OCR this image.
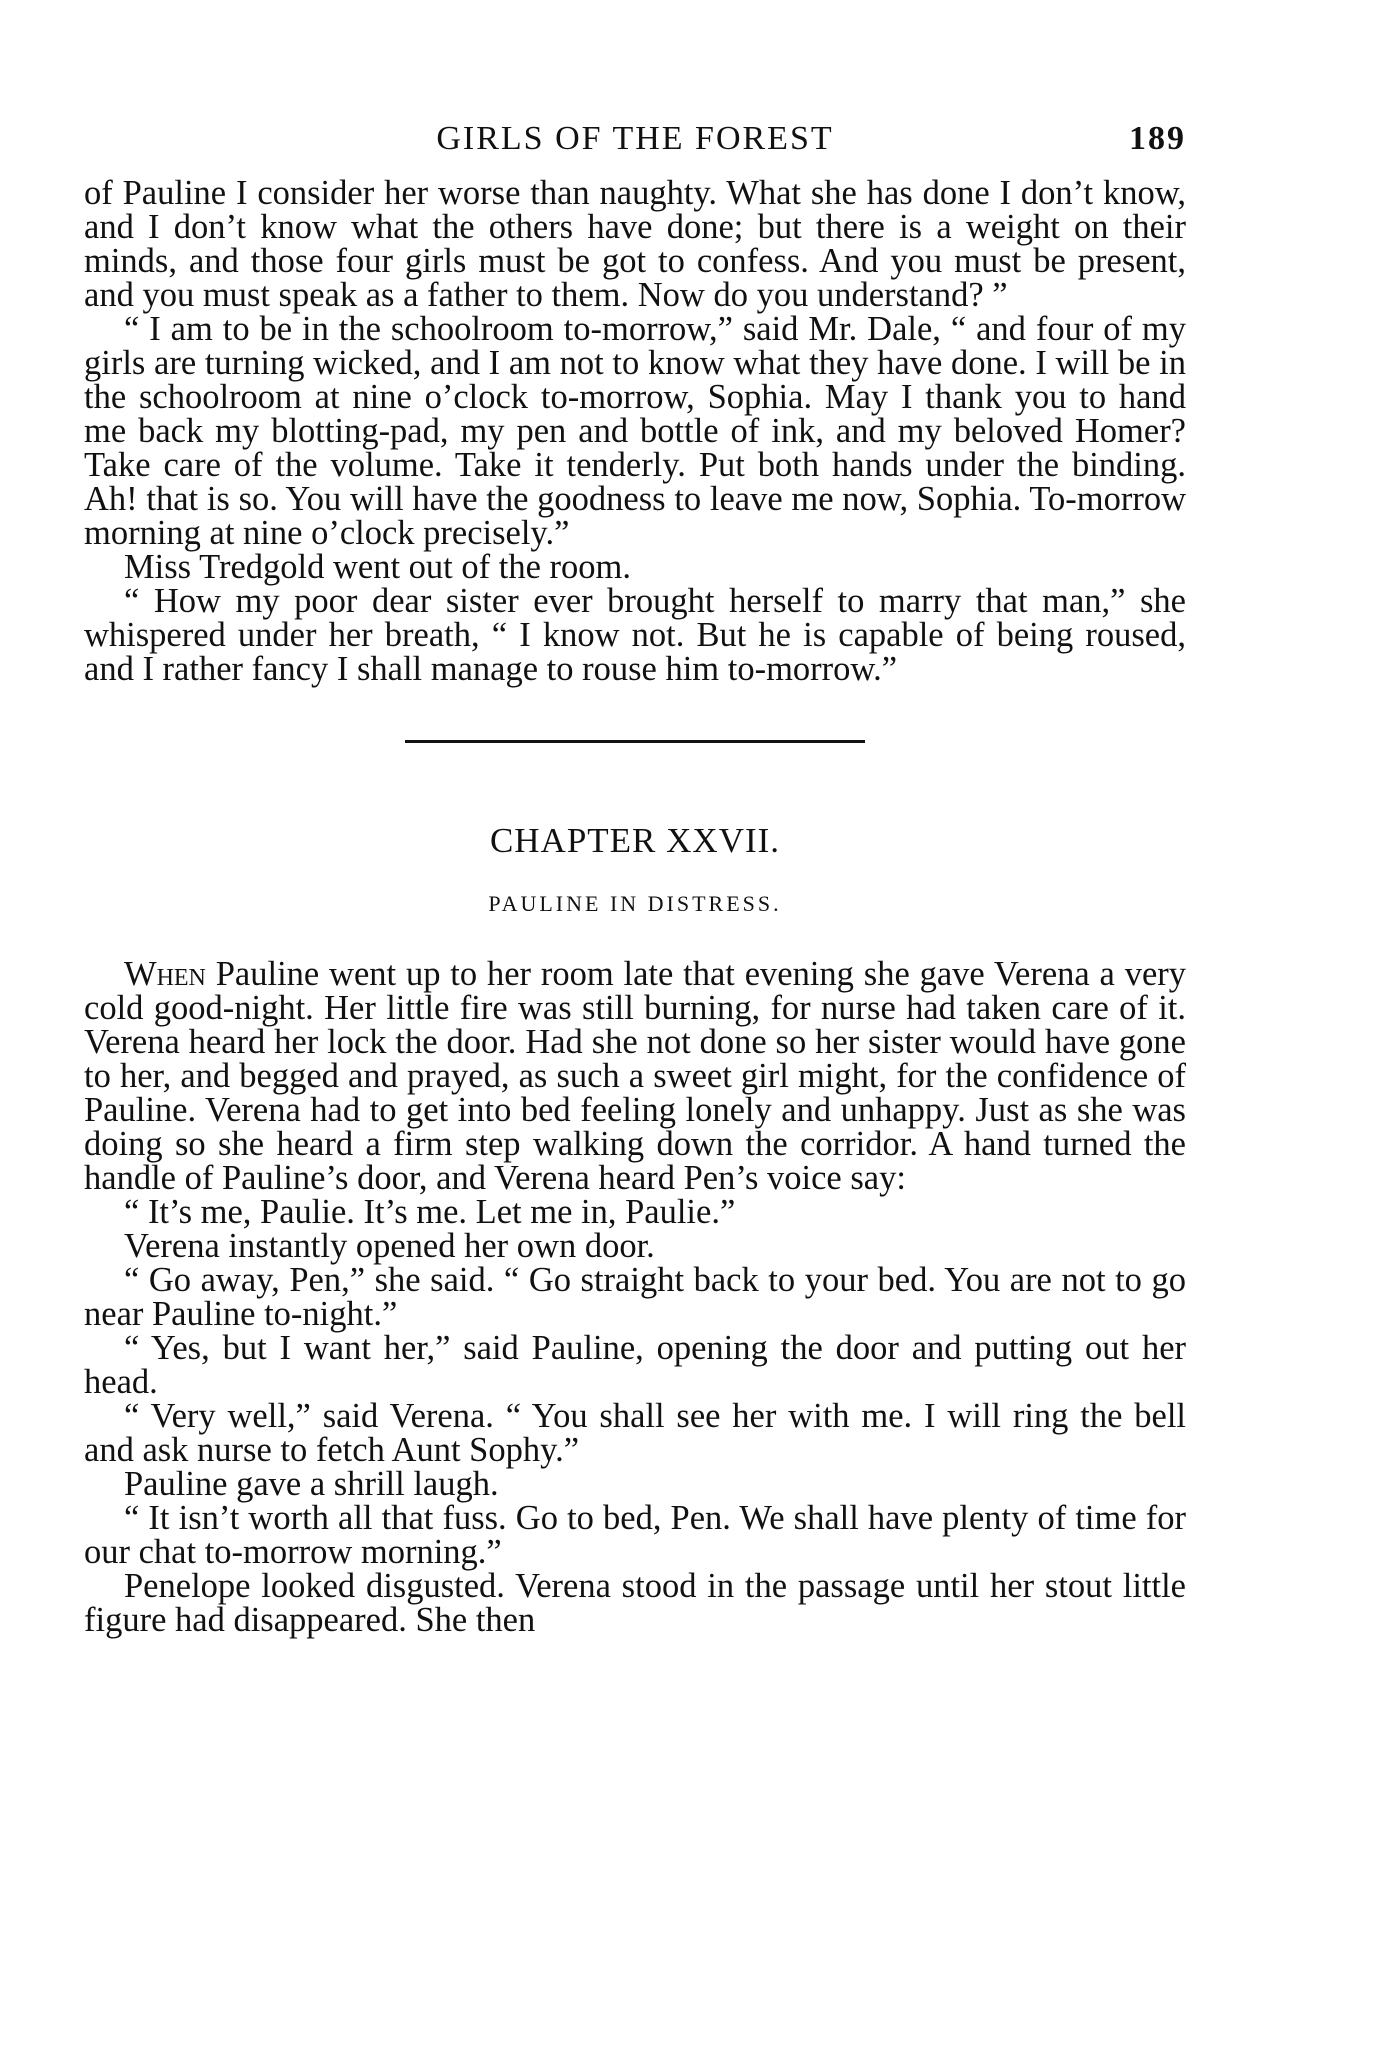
GIRLS OF THE FOREST	189

of Pauline I consider her worse than naughty. What she has done I don’t know, and I don’t know what the others have done; but there is a weight on their minds, and those four girls must be got to confess. And you must be present, and you must speak as a father to them. Now do you understand? ”

“ I am to be in the schoolroom to-morrow,” said Mr. Dale, “ and four of my girls are turning wicked, and I am not to know what they have done. I will be in the schoolroom at nine o’clock to-morrow, Sophia. May I thank you to hand me back my blotting-pad, my pen and bottle of ink, and my beloved Homer? Take care of the volume. Take it tenderly. Put both hands under the binding. Ah! that is so. You will have the goodness to leave me now, Sophia. To-morrow morning at nine o’clock precisely.”

Miss Tredgold went out of the room.

“ How my poor dear sister ever brought herself to marry that man,” she whispered under her breath, “ I know not. But he is capable of being roused, and I rather fancy I shall manage to rouse him to-morrow.”

CHAPTER XXVII.
PAULINE IN DISTRESS.

When Pauline went up to her room late that evening she gave Verena a very cold good-night. Her little fire was still burning, for nurse had taken care of it. Verena heard her lock the door. Had she not done so her sister would have gone to her, and begged and prayed, as such a sweet girl might, for the confidence of Pauline. Verena had to get into bed feeling lonely and unhappy. Just as she was doing so she heard a firm step walking down the corridor. A hand turned the handle of Pauline’s door, and Verena heard Pen’s voice say:

“ It’s me, Paulie. It’s me. Let me in, Paulie.”

Verena instantly opened her own door.

“ Go away, Pen,” she said. “ Go straight back to your bed. You are not to go near Pauline to-night.”

“ Yes, but I want her,” said Pauline, opening the door and putting out her head.

“ Very well,” said Verena. “ You shall see her with me. I will ring the bell and ask nurse to fetch Aunt Sophy.”

Pauline gave a shrill laugh.

“ It isn’t worth all that fuss. Go to bed, Pen. We shall have plenty of time for our chat to-morrow morning.”

Penelope looked disgusted. Verena stood in the passage until her stout little figure had disappeared. She then
